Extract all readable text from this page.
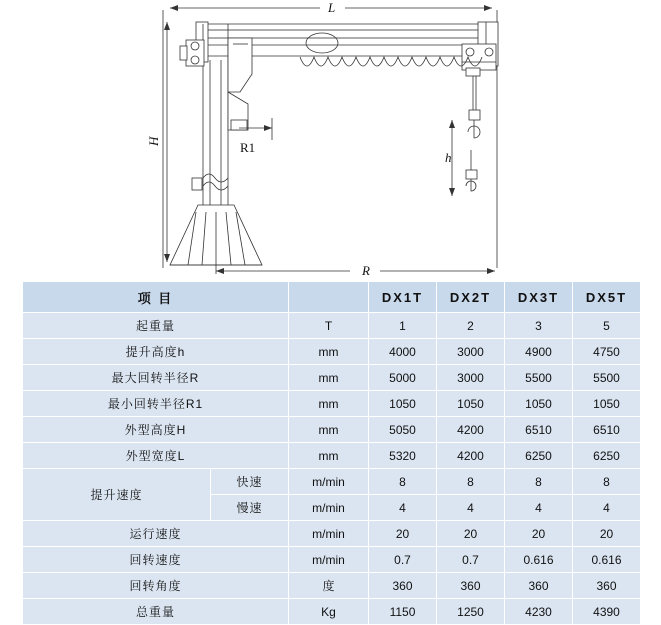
L
H
h
R
R1
项 目			DX1T	DX2T	DX3T	DX5T
起重量		T	1	2	3	5
提升高度h		mm	4000	3000	4900	4750
最大回转半径R		mm	5000	3000	5500	5500
最小回转半径R1		mm	1050	1050	1050	1050
外型高度H		mm	5050	4200	6510	6510
外型宽度L		mm	5320	4200	6250	6250
提升速度	快速	m/min	8	8	8	8
	慢速	m/min	4	4	4	4
运行速度		m/min	20	20	20	20
回转速度		m/min	0.7	0.7	0.616	0.616
回转角度		度	360	360	360	360
总重量		Kg	1150	1250	4230	4390
